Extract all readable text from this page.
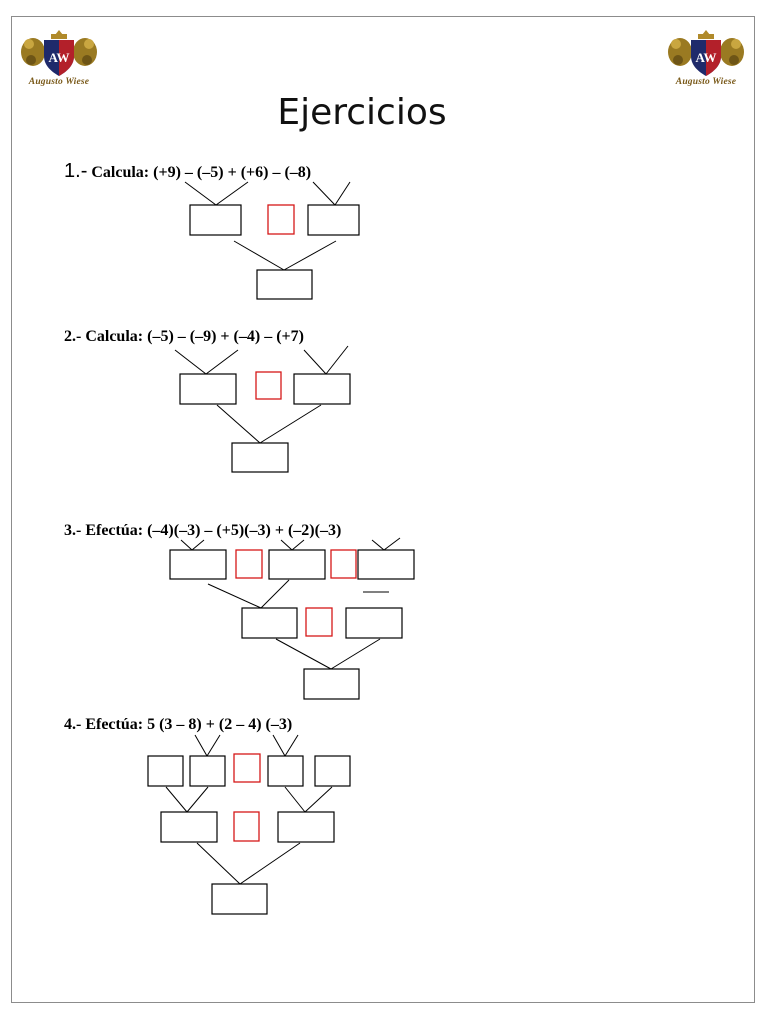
AW
Augusto Wiese
AW
Augusto Wiese
Ejercicios
1.- Calcula: (+9) – (–5) + (+6) – (–8)
2.- Calcula: (–5) – (–9) + (–4) – (+7)
3.- Efectúa: (–4)(–3) – (+5)(–3) + (–2)(–3)
4.- Efectúa: 5 (3 – 8) + (2 – 4) (–3)
